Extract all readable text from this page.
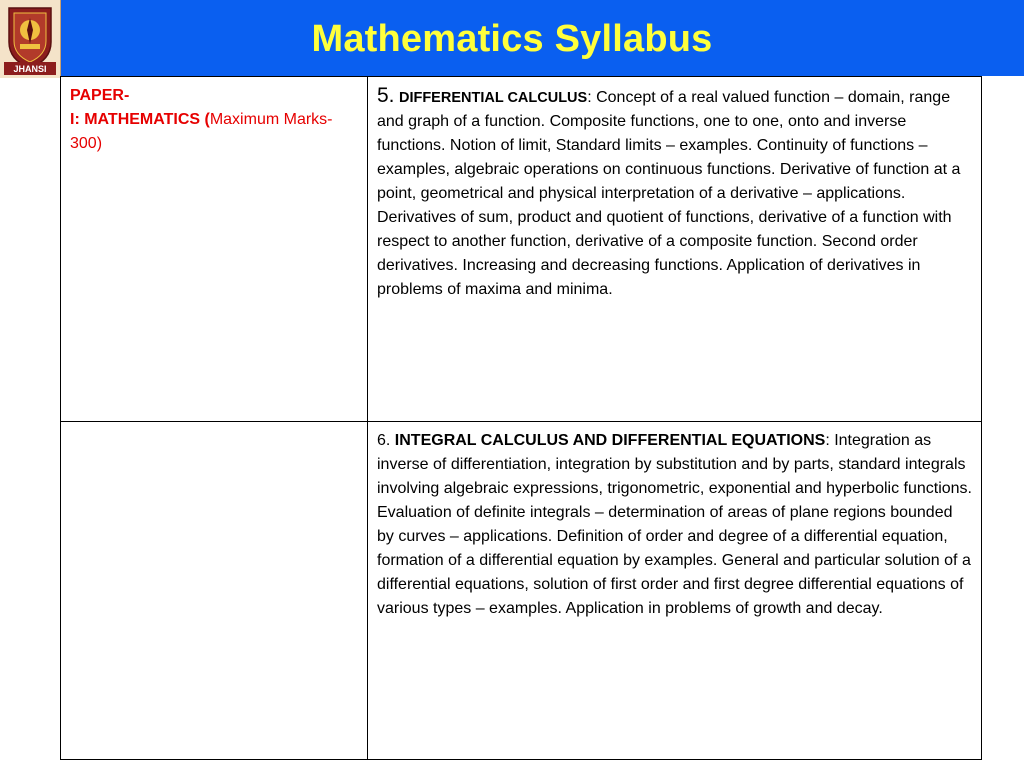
JHANSI
Mathematics Syllabus
PAPER-
I: MATHEMATICS (Maximum Marks- 300)	5. DIFFERENTIAL CALCULUS: Concept of a real valued function – domain, range and graph of a function. Composite functions, one to one, onto and inverse functions. Notion of limit, Standard limits – examples. Continuity of functions – examples, algebraic operations on continuous functions. Derivative of function at a point, geometrical and physical interpretation of a derivative – applications. Derivatives of sum, product and quotient of functions, derivative of a function with respect to another function, derivative of a composite function. Second order derivatives. Increasing and decreasing functions. Application of derivatives in problems of maxima and minima.
	6. INTEGRAL CALCULUS AND DIFFERENTIAL EQUATIONS: Integration as inverse of differentiation, integration by substitution and by parts, standard integrals involving algebraic expressions, trigonometric, exponential and hyperbolic functions. Evaluation of definite integrals – determination of areas of plane regions bounded by curves – applications. Definition of order and degree of a differential equation, formation of a differential equation by examples. General and particular solution of a differential equations, solution of first order and first degree differential equations of various types – examples. Application in problems of growth and decay.
